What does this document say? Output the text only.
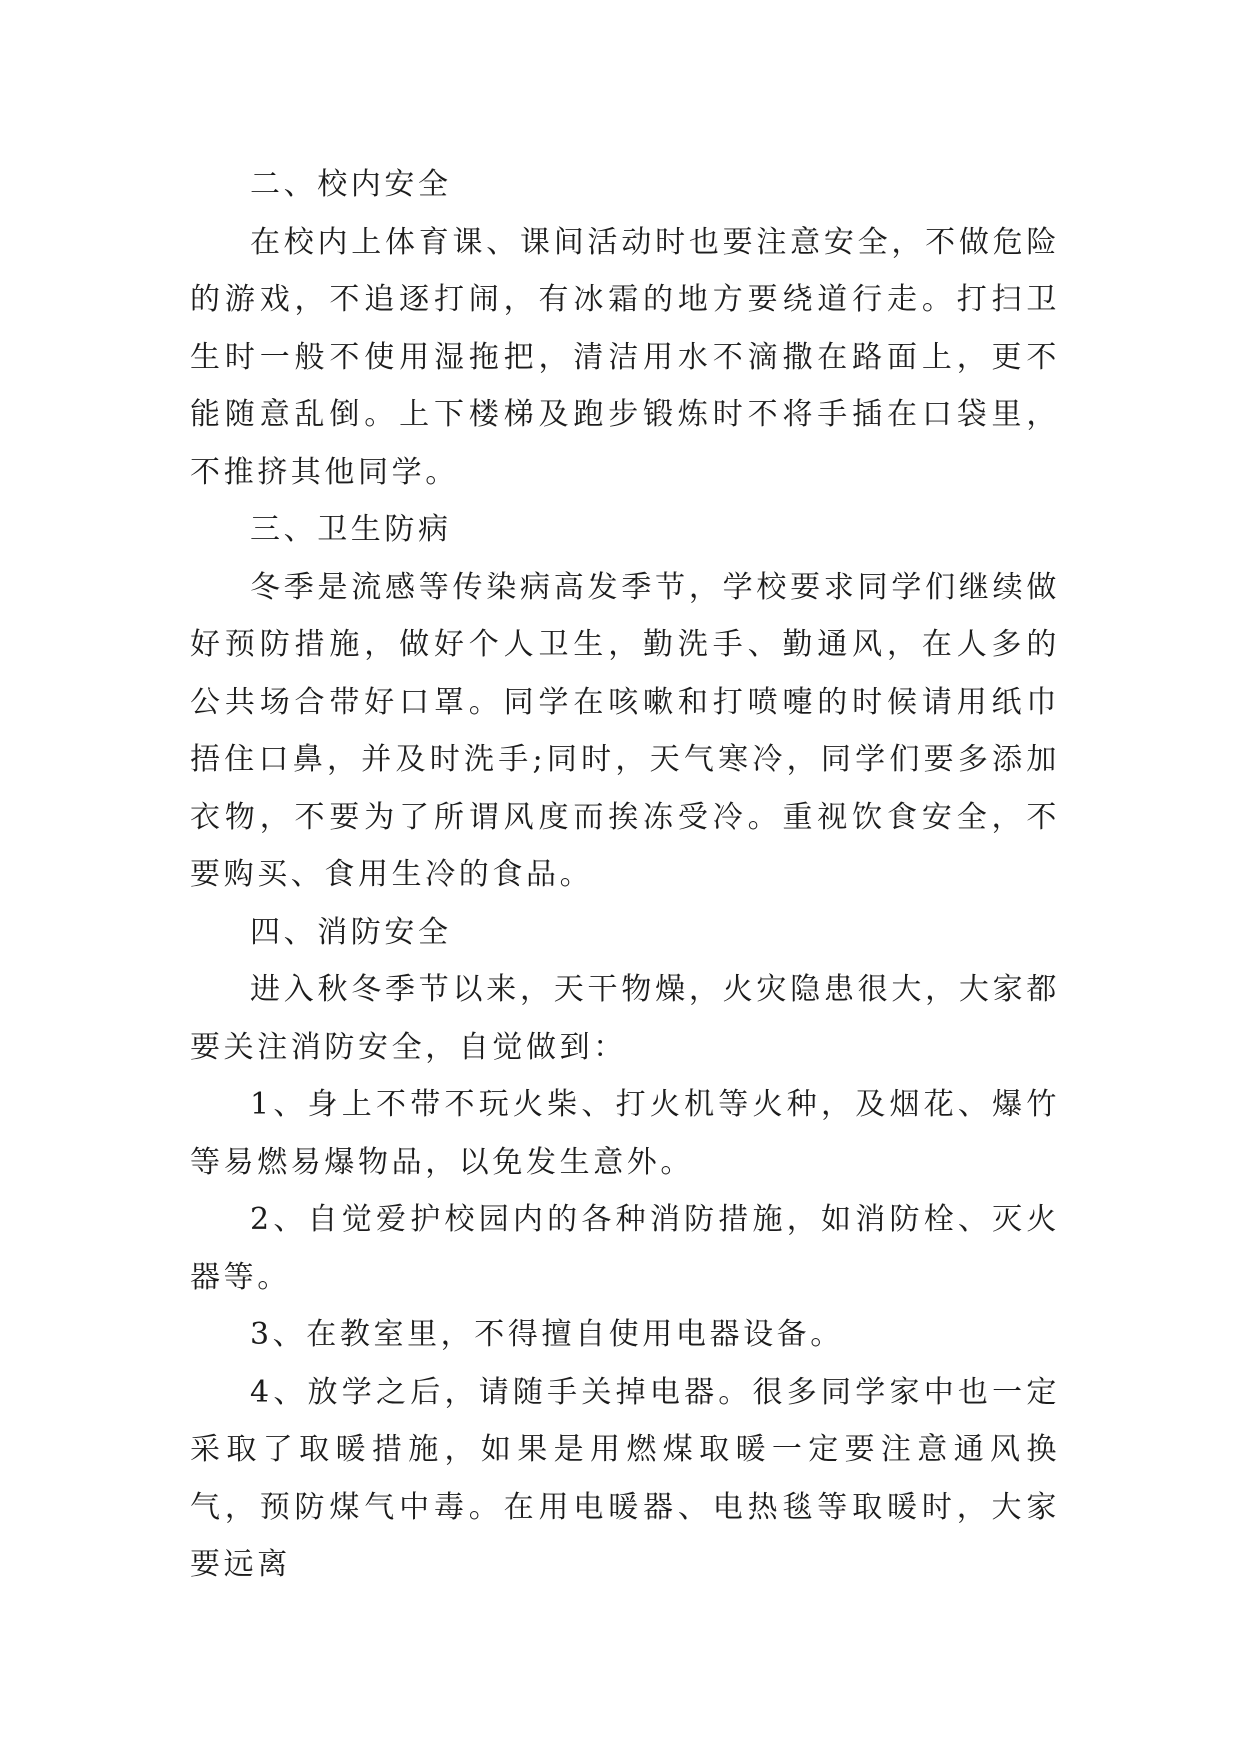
二、校内安全

在校内上体育课、课间活动时也要注意安全，不做危险的游戏，不追逐打闹，有冰霜的地方要绕道行走。打扫卫生时一般不使用湿拖把，清洁用水不滴撒在路面上，更不能随意乱倒。上下楼梯及跑步锻炼时不将手插在口袋里，不推挤其他同学。

三、卫生防病

冬季是流感等传染病高发季节，学校要求同学们继续做好预防措施，做好个人卫生，勤洗手、勤通风，在人多的公共场合带好口罩。同学在咳嗽和打喷嚏的时候请用纸巾捂住口鼻，并及时洗手;同时，天气寒冷，同学们要多添加衣物，不要为了所谓风度而挨冻受冷。重视饮食安全，不要购买、食用生冷的食品。

四、消防安全

进入秋冬季节以来，天干物燥，火灾隐患很大，大家都要关注消防安全，自觉做到：

1、身上不带不玩火柴、打火机等火种，及烟花、爆竹等易燃易爆物品，以免发生意外。

2、自觉爱护校园内的各种消防措施，如消防栓、灭火器等。

3、在教室里，不得擅自使用电器设备。

4、放学之后，请随手关掉电器。很多同学家中也一定采取了取暖措施，如果是用燃煤取暖一定要注意通风换气，预防煤气中毒。在用电暖器、电热毯等取暖时，大家要远离
